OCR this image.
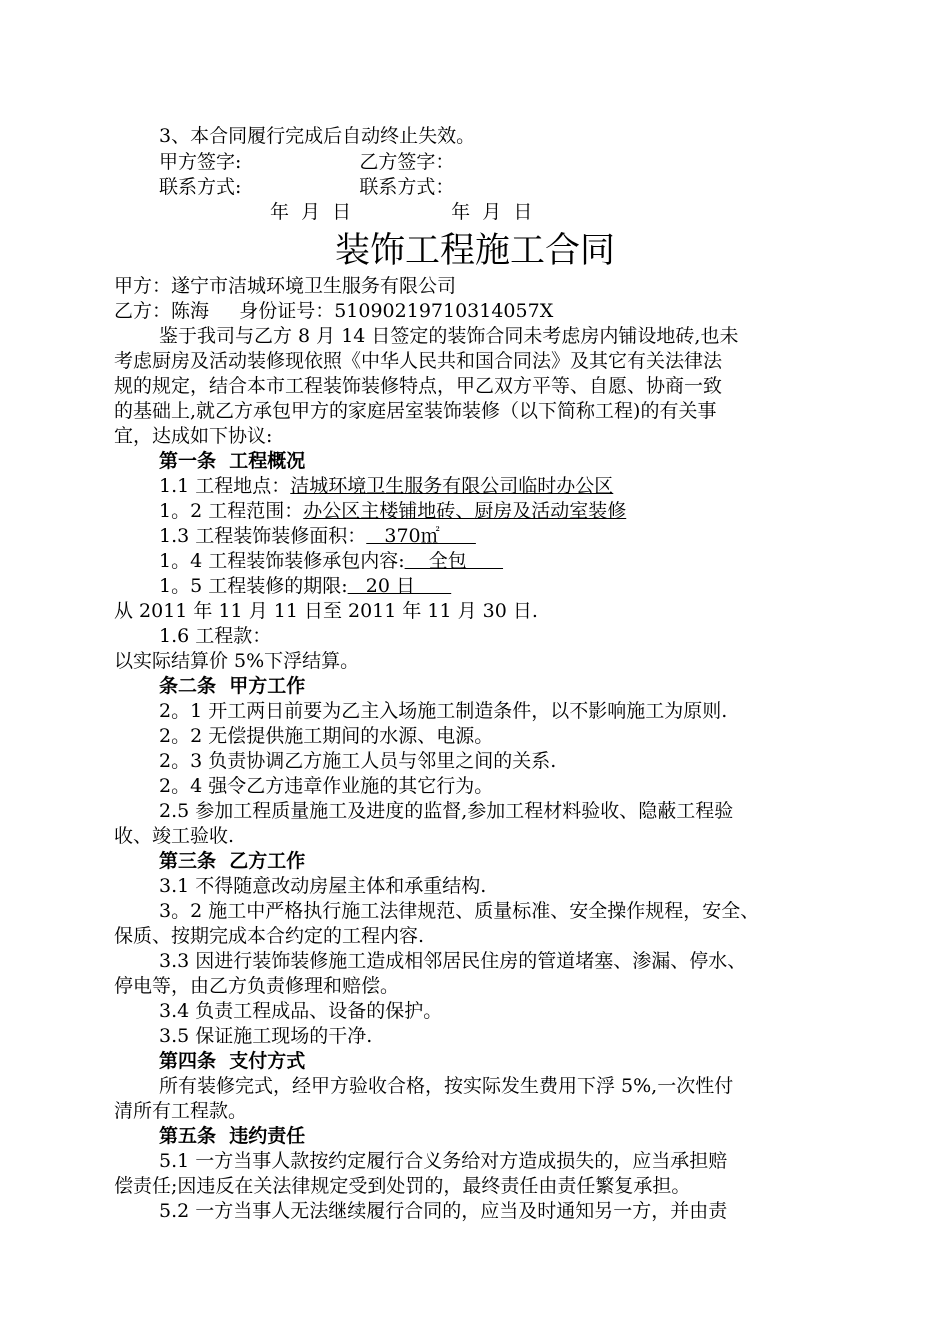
3、本合同履行完成后自动终止失效。
甲方签字:	乙方签字：
联系方式:	联系方式：
年  月  日	年  月  日
装饰工程施工合同
甲方：遂宁市洁城环境卫生服务有限公司
乙方：陈海     身份证号：51090219710314057X
鉴于我司与乙方 8 月 14 日签定的装饰合同未考虑房内铺设地砖,也未
考虑厨房及活动装修现依照《中华人民共和国合同法》及其它有关法律法
规的规定，结合本市工程装饰装修特点，甲乙双方平等、自愿、协商一致
的基础上,就乙方承包甲方的家庭居室装饰装修（以下简称工程)的有关事
宜，达成如下协议:
第一条  工程概况
1.1 工程地点：洁城环境卫生服务有限公司临时办公区
1。2 工程范围：办公区主楼铺地砖、厨房及活动室装修
1.3 工程装饰装修面积：   370㎡
1。4 工程装饰装修承包内容:    全包
1。5 工程装修的期限:   20 日
从 2011 年 11 月 11 日至 2011 年 11 月 30 日.
1.6 工程款：
以实际结算价 5%下浮结算。
条二条  甲方工作
2。1 开工两日前要为乙主入场施工制造条件，以不影响施工为原则.
2。2 无偿提供施工期间的水源、电源。
2。3 负责协调乙方施工人员与邻里之间的关系.
2。4 强令乙方违章作业施的其它行为。
2.5 参加工程质量施工及进度的监督,参加工程材料验收、隐蔽工程验
收、竣工验收.
第三条  乙方工作
3.1 不得随意改动房屋主体和承重结构.
3。2 施工中严格执行施工法律规范、质量标准、安全操作规程，安全、
保质、按期完成本合约定的工程内容.
3.3 因进行装饰装修施工造成相邻居民住房的管道堵塞、渗漏、停水、
停电等，由乙方负责修理和赔偿。
3.4 负责工程成品、设备的保护。
3.5 保证施工现场的干净.
第四条  支付方式
所有装修完式，经甲方验收合格，按实际发生费用下浮 5%,一次性付
清所有工程款。
第五条  违约责任
5.1 一方当事人款按约定履行合义务给对方造成损失的，应当承担赔
偿责任;因违反在关法律规定受到处罚的，最终责任由责任繁复承担。
5.2 一方当事人无法继续履行合同的，应当及时通知另一方，并由责
